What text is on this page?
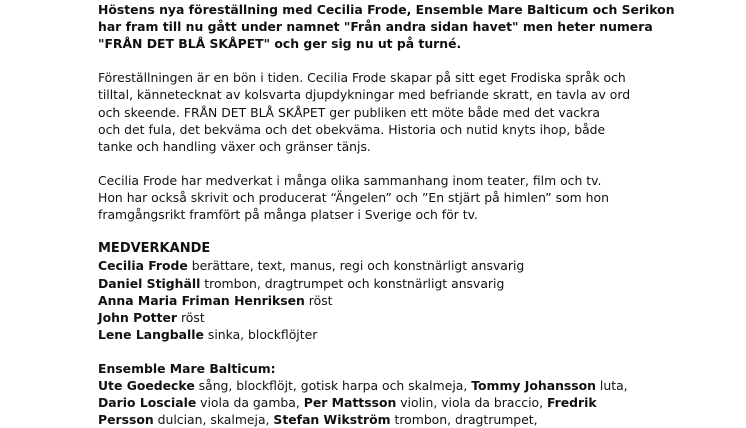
Höstens nya föreställning med Cecilia Frode, Ensemble Mare Balticum och Serikon

har fram till nu gått under namnet "Från andra sidan havet" men heter numera

"FRÅN DET BLÅ SKÅPET" och ger sig nu ut på turné.

Föreställningen är en bön i tiden. Cecilia Frode skapar på sitt eget Frodiska språk och

tilltal, kännetecknat av kolsvarta djupdykningar med befriande skratt, en tavla av ord

och skeende. FRÅN DET BLÅ SKÅPET ger publiken ett möte både med det vackra

och det fula, det bekväma och det obekväma. Historia och nutid knyts ihop, både

tanke och handling växer och gränser tänjs.

Cecilia Frode har medverkat i många olika sammanhang inom teater, film och tv.

Hon har också skrivit och producerat “Ängelen” och ”En stjärt på himlen” som hon

framgångsrikt framfört på många platser i Sverige och för tv.

MEDVERKANDE

Cecilia Frode berättare, text, manus, regi och konstnärligt ansvarig

Daniel Stighäll trombon, dragtrumpet och konstnärligt ansvarig

Anna Maria Friman Henriksen röst

John Potter röst

Lene Langballe sinka, blockflöjter

Ensemble Mare Balticum:

Ute Goedecke sång, blockflöjt, gotisk harpa och skalmeja, Tommy Johansson luta,

Dario Losciale viola da gamba, Per Mattsson violin, viola da braccio, Fredrik

Persson dulcian, skalmeja, Stefan Wikström trombon, dragtrumpet,
